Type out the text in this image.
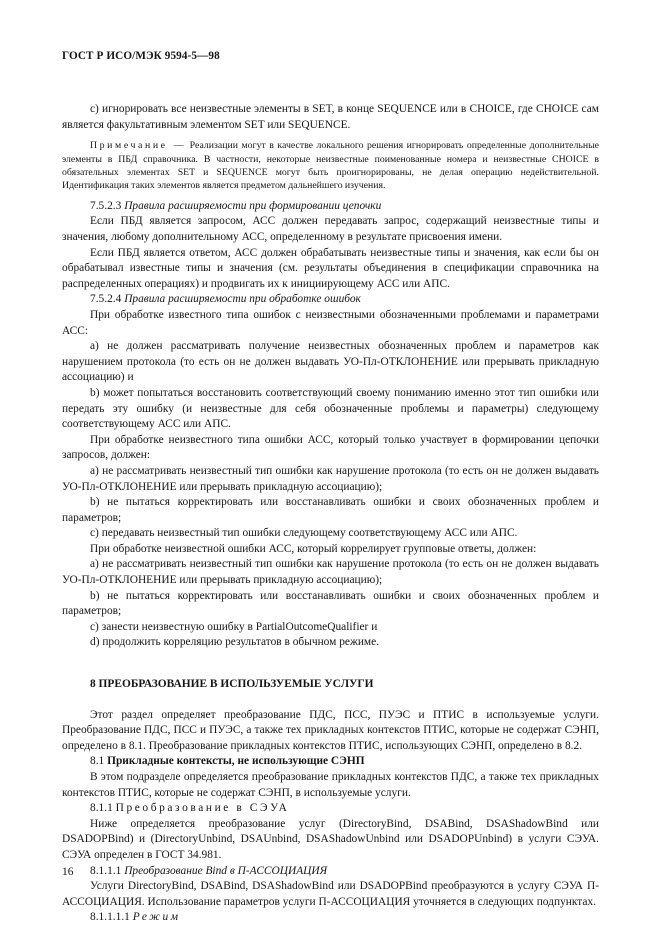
ГОСТ Р ИСО/МЭК 9594-5—98

c) игнорировать все неизвестные элементы в SET, в конце SEQUENCE или в CHOICE, где CHOICE сам является факультативным элементом SET или SEQUENCE.

Примечание — Реализации могут в качестве локального решения игнорировать определенные дополнительные элементы в ПБД справочника. В частности, некоторые неизвестные поименованные номера и неизвестные CHOICE в обязательных элементах SET и SEQUENCE могут быть проигнорированы, не делая операцию недействительной. Идентификация таких элементов является предметом дальнейшего изучения.

7.5.2.3 Правила расширяемости при формировании цепочки

Если ПБД является запросом, АСС должен передавать запрос, содержащий неизвестные типы и значения, любому дополнительному АСС, определенному в результате присвоения имени.

Если ПБД является ответом, АСС должен обрабатывать неизвестные типы и значения, как если бы он обрабатывал известные типы и значения (см. результаты объединения в спецификации справочника на распределенных операциях) и продвигать их к инициирующему АСС или АПС.

7.5.2.4 Правила расширяемости при обработке ошибок

При обработке известного типа ошибок с неизвестными обозначенными проблемами и параметрами АСС:

а) не должен рассматривать получение неизвестных обозначенных проблем и параметров как нарушением протокола (то есть он не должен выдавать УО-Пл-ОТКЛОНЕНИЕ или прерывать прикладную ассоциацию) и

b) может попытаться восстановить соответствующий своему пониманию именно этот тип ошибки или передать эту ошибку (и неизвестные для себя обозначенные проблемы и параметры) следующему соответствующему АСС или АПС.

При обработке неизвестного типа ошибки АСС, который только участвует в формировании цепочки запросов, должен:

а) не рассматривать неизвестный тип ошибки как нарушение протокола (то есть он не должен выдавать УО-Пл-ОТКЛОНЕНИЕ или прерывать прикладную ассоциацию);

b) не пытаться корректировать или восстанавливать ошибки и своих обозначенных проблем и параметров;

c) передавать неизвестный тип ошибки следующему соответствующему АСС или АПС.

При обработке неизвестной ошибки АСС, который коррелирует групповые ответы, должен:

а) не рассматривать неизвестный тип ошибки как нарушение протокола (то есть он не должен выдавать УО-Пл-ОТКЛОНЕНИЕ или прерывать прикладную ассоциацию);

b) не пытаться корректировать или восстанавливать ошибки и своих обозначенных проблем и параметров;

c) занести неизвестную ошибку в PartialOutcomeQualifier и

d) продолжить корреляцию результатов в обычном режиме.

8 ПРЕОБРАЗОВАНИЕ В ИСПОЛЬЗУЕМЫЕ УСЛУГИ

Этот раздел определяет преобразование ПДС, ПСС, ПУЭС и ПТИС в используемые услуги. Преобразование ПДС, ПСС и ПУЭС, а также тех прикладных контекстов ПТИС, которые не содержат СЭНП, определено в 8.1. Преобразование прикладных контекстов ПТИС, использующих СЭНП, определено в 8.2.

8.1 Прикладные контексты, не использующие СЭНП

В этом подразделе определяется преобразование прикладных контекстов ПДС, а также тех прикладных контекстов ПТИС, которые не содержат СЭНП, в используемые услуги.

8.1.1 Преобразование в СЭУА

Ниже определяется преобразование услуг (DirectoryBind, DSABind, DSAShadowBind или DSADOPBind) и (DirectoryUnbind, DSAUnbind, DSAShadowUnbind или DSADOPUnbind) в услуги СЭУА. СЭУА определен в ГОСТ 34.981.

8.1.1.1 Преобразование Bind в П-АССОЦИАЦИЯ

Услуги DirectoryBind, DSABind, DSAShadowBind или DSADOPBind преобразуются в услугу СЭУА П-АССОЦИАЦИЯ. Использование параметров услуги П-АССОЦИАЦИЯ уточняется в следующих подпунктах.

8.1.1.1.1 Режим

16
